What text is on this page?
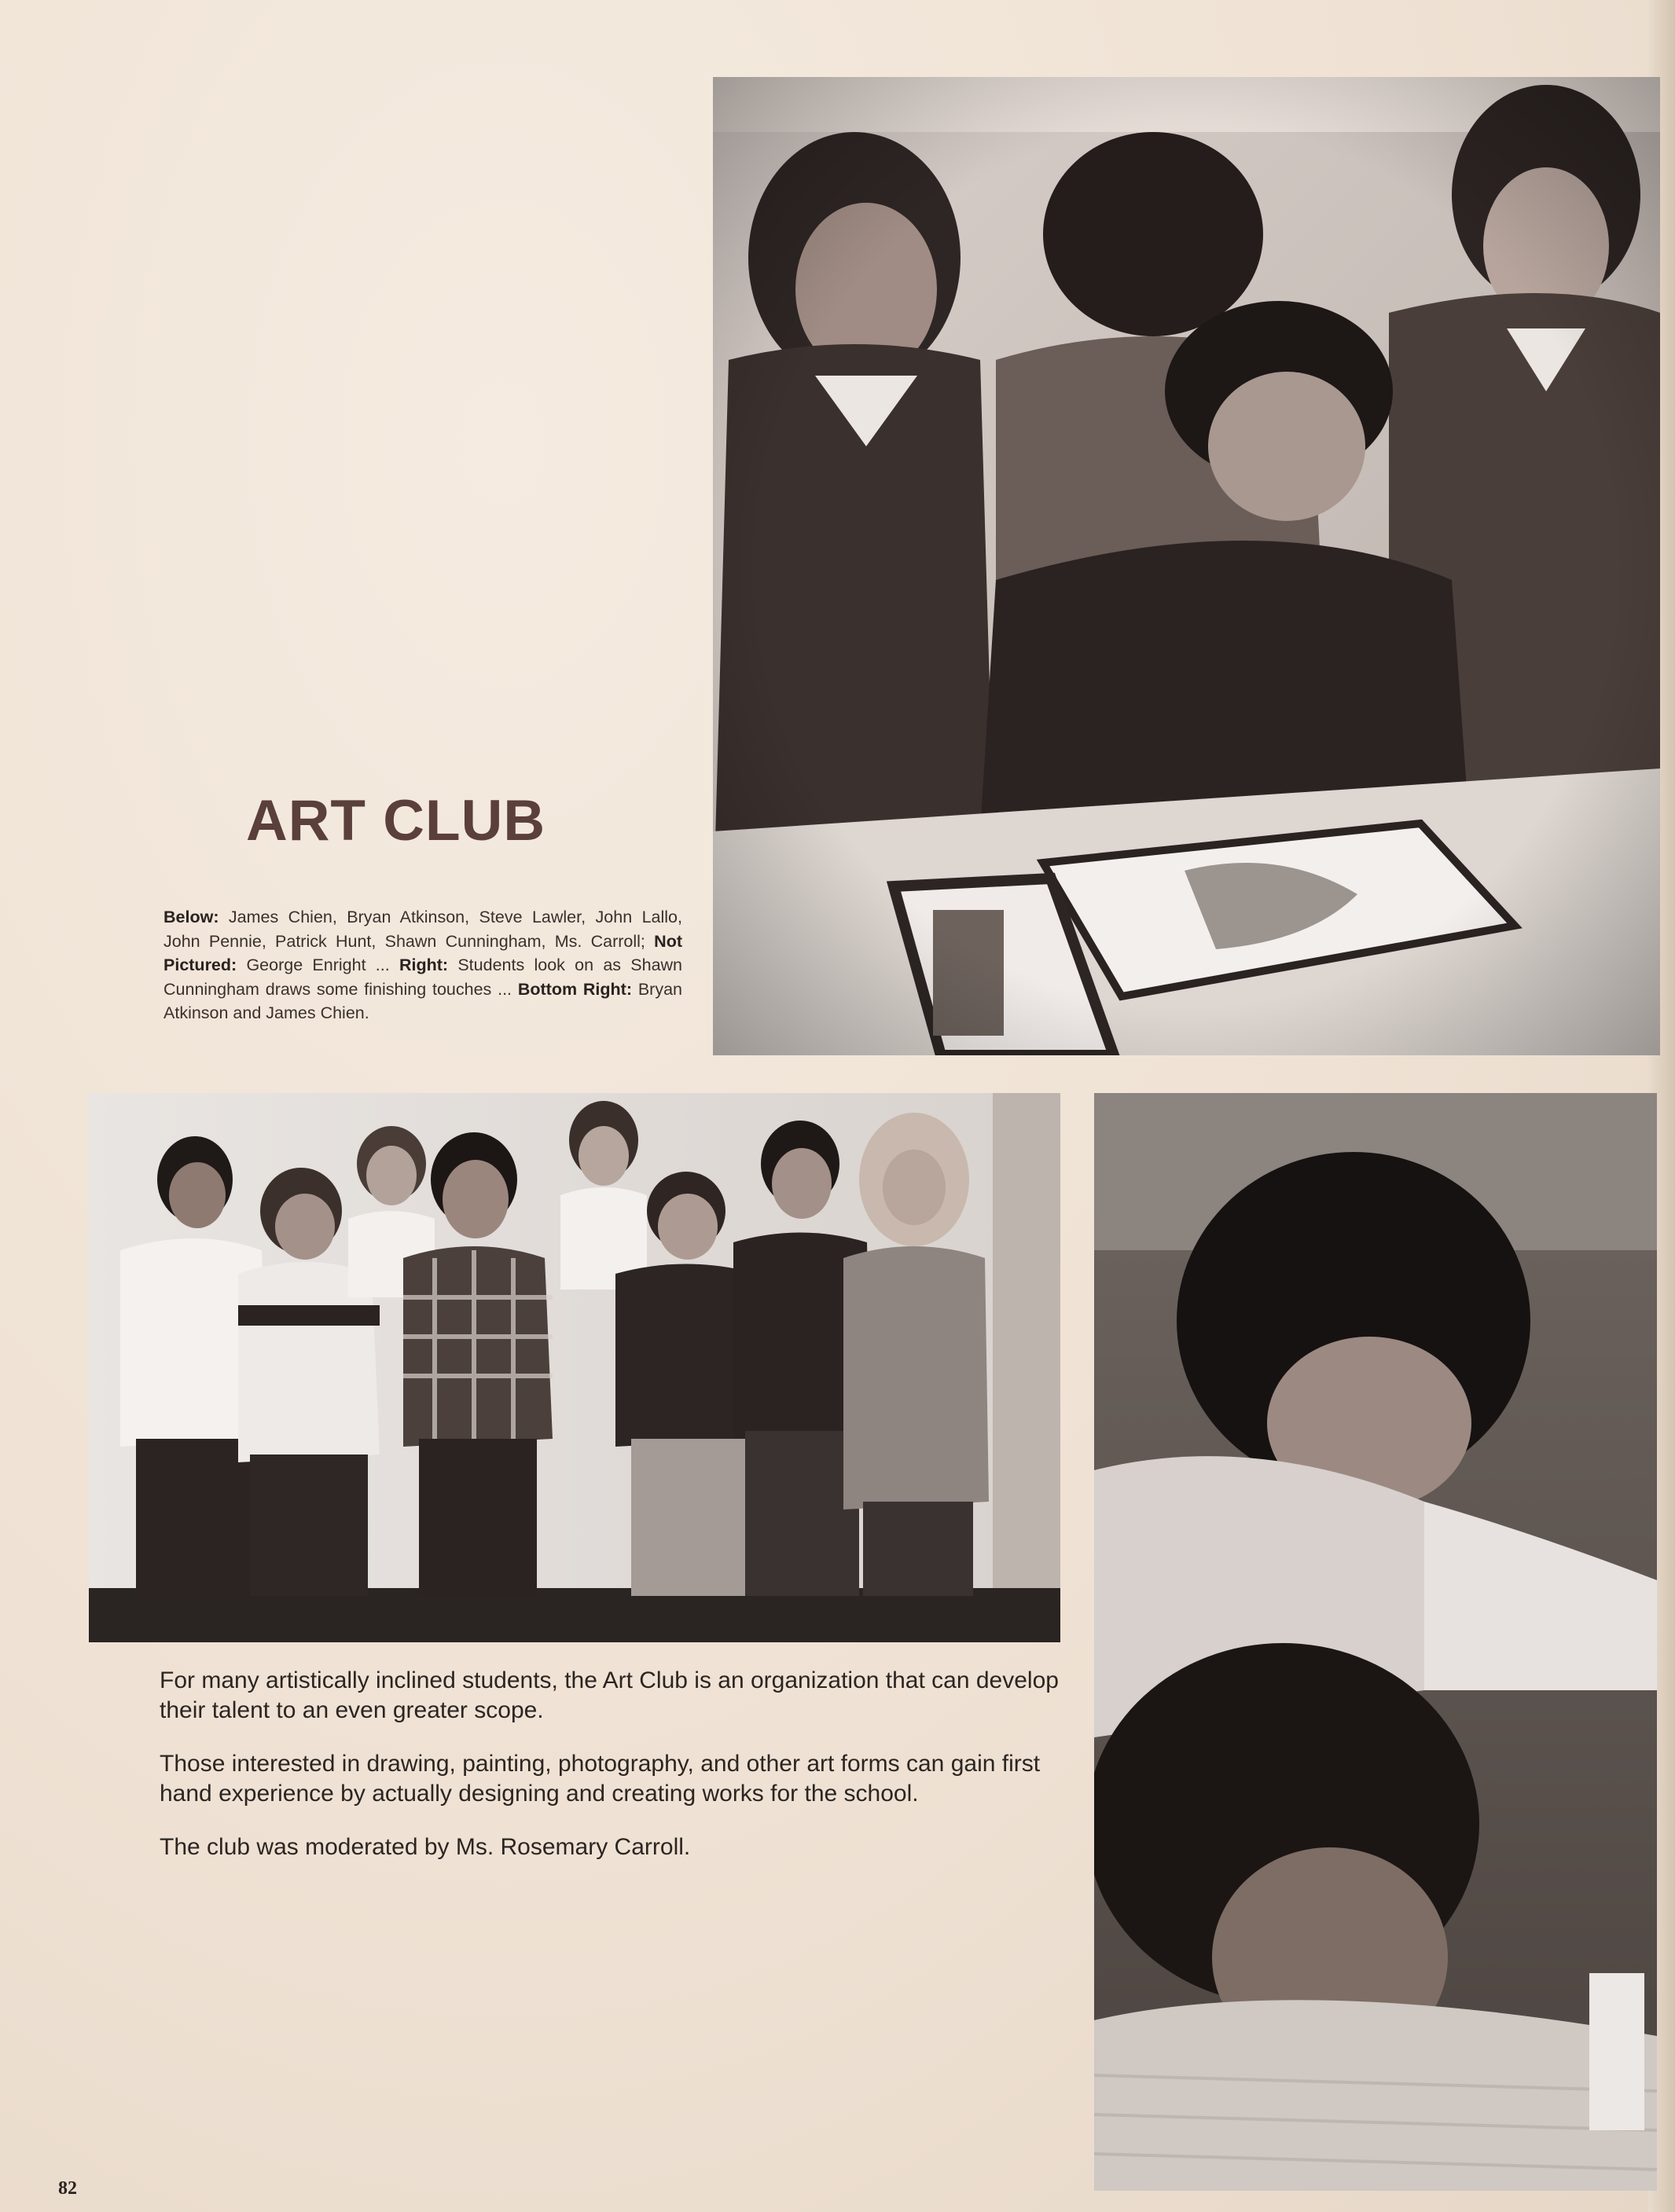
ART CLUB
Below: James Chien, Bryan Atkinson, Steve Lawler, John Lallo, John Pennie, Patrick Hunt, Shawn Cunningham, Ms. Carroll; Not Pictured: George Enright ... Right: Students look on as Shawn Cunningham draws some finishing touches ... Bottom Right: Bryan Atkinson and James Chien.

For many artistically inclined students, the Art Club is an organization that can develop their talent to an even greater scope.

Those interested in drawing, painting, photography, and other art forms can gain first hand experience by actually designing and creating works for the school.

The club was moderated by Ms. Rosemary Carroll.

82
